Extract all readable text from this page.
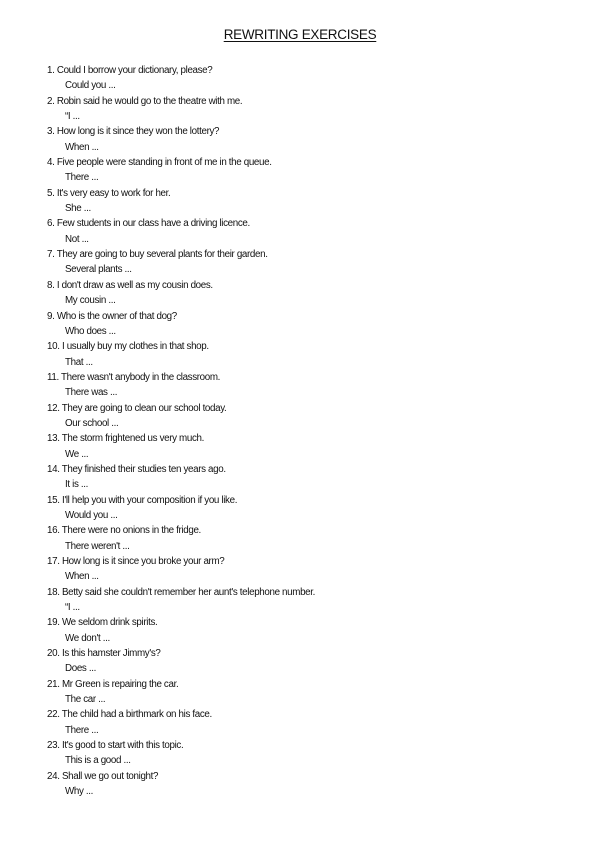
REWRITING EXERCISES
1. Could I borrow your dictionary, please?
Could you ...
2. Robin said he would go to the theatre with me.
“I ...
3. How long is it since they won the lottery?
When ...
4. Five people were standing in front of me in the queue.
There ...
5. It's very easy to work for her.
She ...
6. Few students in our class have a driving licence.
Not ...
7. They are going to buy several plants for their garden.
Several plants ...
8. I don't draw as well as my cousin does.
My cousin ...
9. Who is the owner of that dog?
Who does ...
10. I usually buy my clothes in that shop.
That ...
11. There wasn't anybody in the classroom.
There was ...
12. They are going to clean our school today.
Our school ...
13. The storm frightened us very much.
We ...
14. They finished their studies ten years ago.
It is ...
15. I'll help you with your composition if you like.
Would you ...
16. There were no onions in the fridge.
There weren't ...
17. How long is it since you broke your arm?
When ...
18. Betty said she couldn't remember her aunt's telephone number.
“I ...
19. We seldom drink spirits.
We don't ...
20. Is this hamster Jimmy's?
Does ...
21. Mr Green is repairing the car.
The car ...
22. The child had a birthmark on his face.
There ...
23. It's good to start with this topic.
This is a good ...
24. Shall we go out tonight?
Why ...
